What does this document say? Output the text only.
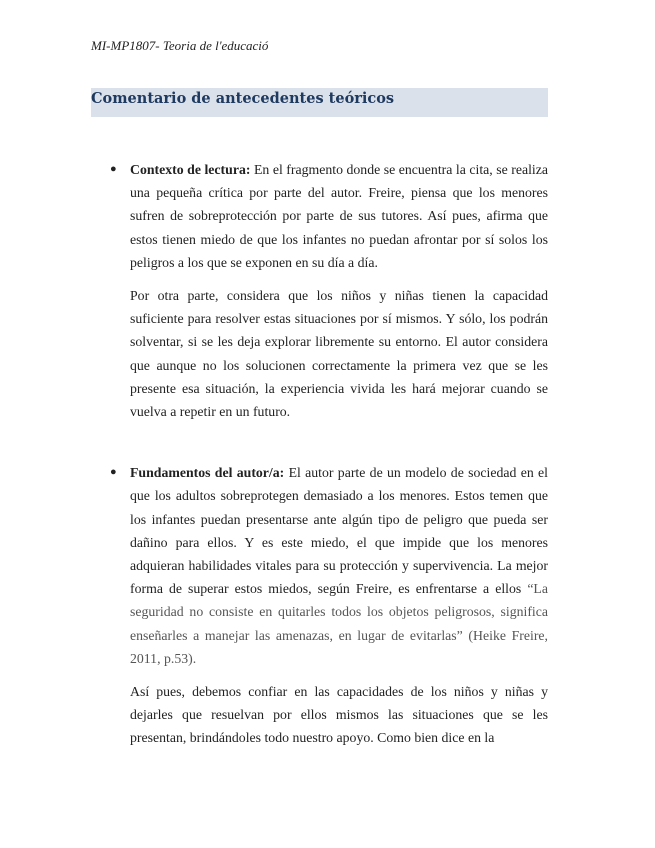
MI-MP1807- Teoria de l'educació
Comentario de antecedentes teóricos
● Contexto de lectura: En el fragmento donde se encuentra la cita, se realiza una pequeña crítica por parte del autor. Freire, piensa que los menores sufren de sobreprotección por parte de sus tutores. Así pues, afirma que estos tienen miedo de que los infantes no puedan afrontar por sí solos los peligros a los que se exponen en su día a día.

Por otra parte, considera que los niños y niñas tienen la capacidad suficiente para resolver estas situaciones por sí mismos. Y sólo, los podrán solventar, si se les deja explorar libremente su entorno. El autor considera que aunque no los solucionen correctamente la primera vez que se les presente esa situación, la experiencia vivida les hará mejorar cuando se vuelva a repetir en un futuro.

● Fundamentos del autor/a: El autor parte de un modelo de sociedad en el que los adultos sobreprotegen demasiado a los menores. Estos temen que los infantes puedan presentarse ante algún tipo de peligro que pueda ser dañino para ellos. Y es este miedo, el que impide que los menores adquieran habilidades vitales para su protección y supervivencia. La mejor forma de superar estos miedos, según Freire, es enfrentarse a ellos “La seguridad no consiste en quitarles todos los objetos peligrosos, significa enseñarles a manejar las amenazas, en lugar de evitarlas” (Heike Freire, 2011, p.53).

Así pues, debemos confiar en las capacidades de los niños y niñas y dejarles que resuelvan por ellos mismos las situaciones que se les presentan, brindándoles todo nuestro apoyo. Como bien dice en la
